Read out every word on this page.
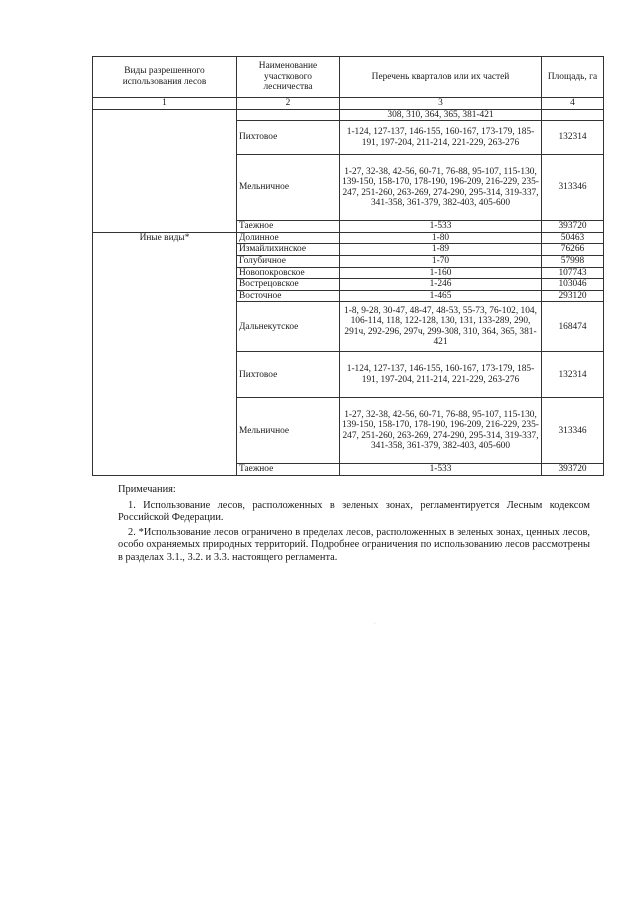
Виды разрешенного использования лесов	Наименование участкового лесничества	Перечень кварталов или их частей	Площадь, га
1	2	3	4
		308, 310, 364, 365, 381-421	
	Пихтовое	1-124, 127-137, 146-155, 160-167, 173-179, 185-191, 197-204, 211-214, 221-229, 263-276	132314
	Мельничное	1-27, 32-38, 42-56, 60-71, 76-88, 95-107, 115-130, 139-150, 158-170, 178-190, 196-209, 216-229, 235-247, 251-260, 263-269, 274-290, 295-314, 319-337, 341-358, 361-379, 382-403, 405-600	313346
	Таежное	1-533	393720
Иные виды*	Долинное	1-80	50463
	Измайлихинское	1-89	76266
	Голубичное	1-70	57998
	Новопокровское	1-160	107743
	Вострецовское	1-246	103046
	Восточное	1-465	293120
	Дальнекутское	1-8, 9-28, 30-47, 48-47, 48-53, 55-73, 76-102, 104, 106-114, 118, 122-128, 130, 131, 133-289, 290, 291ч, 292-296, 297ч, 299-308, 310, 364, 365, 381-421	168474
	Пихтовое	1-124, 127-137, 146-155, 160-167, 173-179, 185-191, 197-204, 211-214, 221-229, 263-276	132314
	Мельничное	1-27, 32-38, 42-56, 60-71, 76-88, 95-107, 115-130, 139-150, 158-170, 178-190, 196-209, 216-229, 235-247, 251-260, 263-269, 274-290, 295-314, 319-337, 341-358, 361-379, 382-403, 405-600	313346
	Таежное	1-533	393720
Примечания:

1. Использование лесов, расположенных в зеленых зонах, регламентируется Лесным кодексом Российской Федерации.

2. *Использование лесов ограничено в пределах лесов, расположенных в зеленых зонах, ценных лесов, особо охраняемых природных территорий. Подробнее ограничения по использованию лесов рассмотрены в разделах 3.1., 3.2. и 3.3. настоящего регламента.

·
